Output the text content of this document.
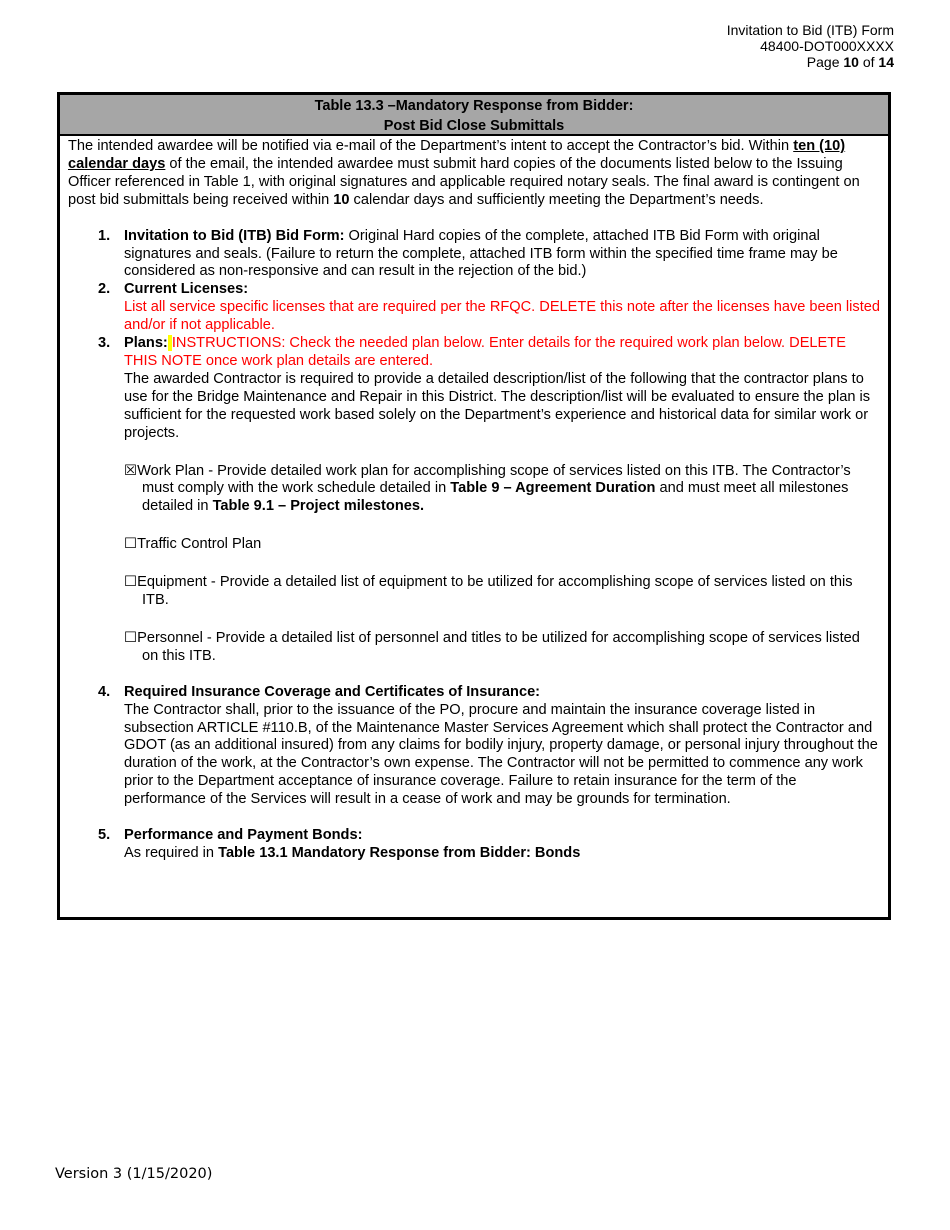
Invitation to Bid (ITB) Form
48400-DOT000XXXX
Page 10 of 14
Table 13.3 –Mandatory Response from Bidder:
Post Bid Close Submittals

The intended awardee will be notified via e-mail of the Department’s intent to accept the Contractor’s bid. Within ten (10) calendar days of the email, the intended awardee must submit hard copies of the documents listed below to the Issuing Officer referenced in Table 1, with original signatures and applicable required notary seals. The final award is contingent on post bid submittals being received within 10 calendar days and sufficiently meeting the Department’s needs.

1. Invitation to Bid (ITB) Bid Form: Original Hard copies of the complete, attached ITB Bid Form with original signatures and seals. (Failure to return the complete, attached ITB form within the specified time frame may be considered as non-responsive and can result in the rejection of the bid.)
2. Current Licenses:
List all service specific licenses that are required per the RFQC. DELETE this note after the licenses have been listed and/or if not applicable.
3. Plans: INSTRUCTIONS: Check the needed plan below. Enter details for the required work plan below. DELETE THIS NOTE once work plan details are entered.
The awarded Contractor is required to provide a detailed description/list of the following that the contractor plans to use for the Bridge Maintenance and Repair in this District. The description/list will be evaluated to ensure the plan is sufficient for the requested work based solely on the Department’s experience and historical data for similar work or projects.
☒Work Plan - Provide detailed work plan for accomplishing scope of services listed on this ITB. The Contractor’s must comply with the work schedule detailed in Table 9 – Agreement Duration and must meet all milestones detailed in Table 9.1 – Project milestones.
☐Traffic Control Plan
☐Equipment - Provide a detailed list of equipment to be utilized for accomplishing scope of services listed on this ITB.
☐Personnel - Provide a detailed list of personnel and titles to be utilized for accomplishing scope of services listed on this ITB.
4. Required Insurance Coverage and Certificates of Insurance:
The Contractor shall, prior to the issuance of the PO, procure and maintain the insurance coverage listed in subsection ARTICLE #110.B, of the Maintenance Master Services Agreement which shall protect the Contractor and GDOT (as an additional insured) from any claims for bodily injury, property damage, or personal injury throughout the duration of the work, at the Contractor’s own expense. The Contractor will not be permitted to commence any work prior to the Department acceptance of insurance coverage. Failure to retain insurance for the term of the performance of the Services will result in a cease of work and may be grounds for termination.
5. Performance and Payment Bonds:
As required in Table 13.1 Mandatory Response from Bidder: Bonds
Version 3 (1/15/2020)
